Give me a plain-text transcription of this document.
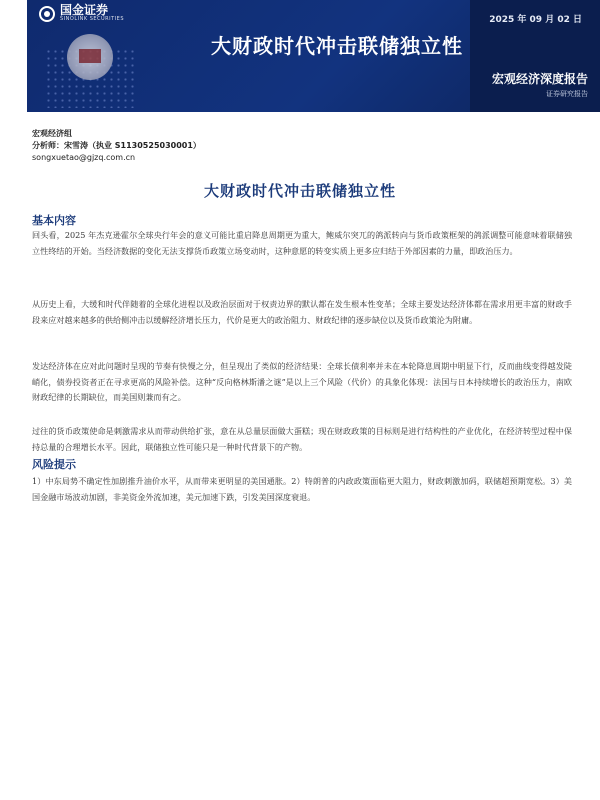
国金证券
SINOLINK SECURITIES
大财政时代冲击联储独立性
2025 年 09 月 02 日
宏观经济深度报告
证券研究报告
宏观经济组
分析师：宋雪涛（执业 S1130525030001）
songxuetao@gjzq.com.cn
大财政时代冲击联储独立性
基本内容
回头看，2025 年杰克逊霍尔全球央行年会的意义可能比重启降息周期更为重大，鲍威尔突兀的鸽派转向与货币政策框架的鸽派调整可能意味着联储独立性终结的开始。当经济数据的变化无法支撑货币政策立场变动时，这种意愿的转变实质上更多应归结于外部因素的力量，即政治压力。
从历史上看，大缓和时代伴随着的全球化进程以及政治层面对于权责边界的默认都在发生根本性变革；全球主要发达经济体都在需求用更丰富的财政手段来应对越来越多的供给侧冲击以缓解经济增长压力，代价是更大的政治阻力、财政纪律的逐步缺位以及货币政策沦为附庸。
发达经济体在应对此问题时呈现的节奏有快慢之分，但呈现出了类似的经济结果：全球长债利率并未在本轮降息周期中明显下行，反而曲线变得越发陡峭化，债券投资者正在寻求更高的风险补偿。这种“反向格林斯潘之谜”是以上三个风险（代价）的具象化体现：法国与日本持续增长的政治压力，南欧财政纪律的长期缺位，而美国则兼而有之。
过往的货币政策使命是刺激需求从而带动供给扩张，意在从总量层面做大蛋糕；现在财政政策的目标则是进行结构性的产业优化，在经济转型过程中保持总量的合理增长水平。因此，联储独立性可能只是一种时代背景下的产物。
风险提示
1）中东局势不确定性加剧推升油价水平，从而带来更明显的美国通胀。2）特朗普的内政政策面临更大阻力，财政刺激加码，联储超预期宽松。3）美国金融市场波动加剧，非美资金外流加速，美元加速下跌，引发美国深度衰退。
